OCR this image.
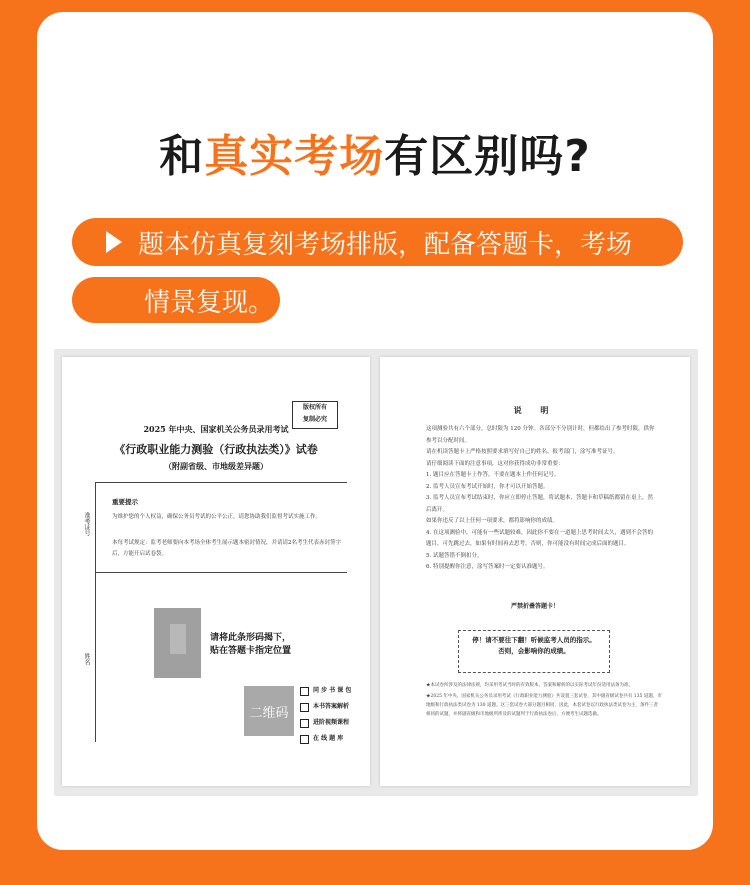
和真实考场有区别吗?
题本仿真复刻考场排版，配备答题卡，考场
情景复现。
版权所有
复制必究
2025 年中央、国家机关公务员录用考试
《行政职业能力测验（行政执法类）》试卷
（附副省级、市地级差异题）
重要提示
为维护您的个人权益，确保公务员考试的公平公正，请您协助我们监督考试实施工作。
本每考试规定：监考老师要向本考场全体考生展示题本密封情况，并请请2名考生代表赤封签字后，方能开启试卷袋。
准考证号
姓名
请将此条形码揭下，
贴在答题卡指定位置
二维码
同 步 书 课 包
本书答案解析
进阶视频课程
在 线 题 库
说 明

这项测验共有六个部分，总时限为 120 分钟。各部分不分别计时，但都给出了参考时限，供你参考以分配时间。

请在机读答题卡上严格按照要求填写好自己的姓名、报考部门，涂写准考证号。

请仔细阅读下面的注意事项，这对你获得成功非常重要：

1. 题目应在答题卡上作答，不要在题本上作任何记号。

2. 监考人员宣布考试开始时，你才可以开始答题。

3. 监考人员宣布考试结束时，你应立即停止答题，将试题本、答题卡和草稿纸都留在桌上，然后离开。

如果你违反了以上任何一项要求，都将影响你的成绩。

4. 在这项测验中，可能有一些试题较难，因此你不要在一道题上思考时间太久，遇到不会答的题目，可先跳过去，如果有时间再去思考。否则，你可能没有时间完成后面的题目。

5. 试题答错不倒扣分。

6. 特别提醒你注意，涂写答案时一定要认准题号。

严禁折叠答题卡！
停！请不要往下翻！听候监考人员的指示。
否则，会影响你的成绩。
★本试卷所涉及的法律法规，均采用考试当时的有效版本，答案和解析的以实际考试年份适用法条为准。
★2025 年中央、国家机关公务员录用考试《行政职业能力测验》共设置三套试卷，其中副省级试卷共有 135 道题，市地级和行政执法类试卷为 130 道题。这三套试卷大部分题目相同，因此，本套试卷以行政执法类试卷为主，条件三者相同的试题，并将副省级和市地级所涉及的试题列于行政执法卷后，方便考生试题选做。
